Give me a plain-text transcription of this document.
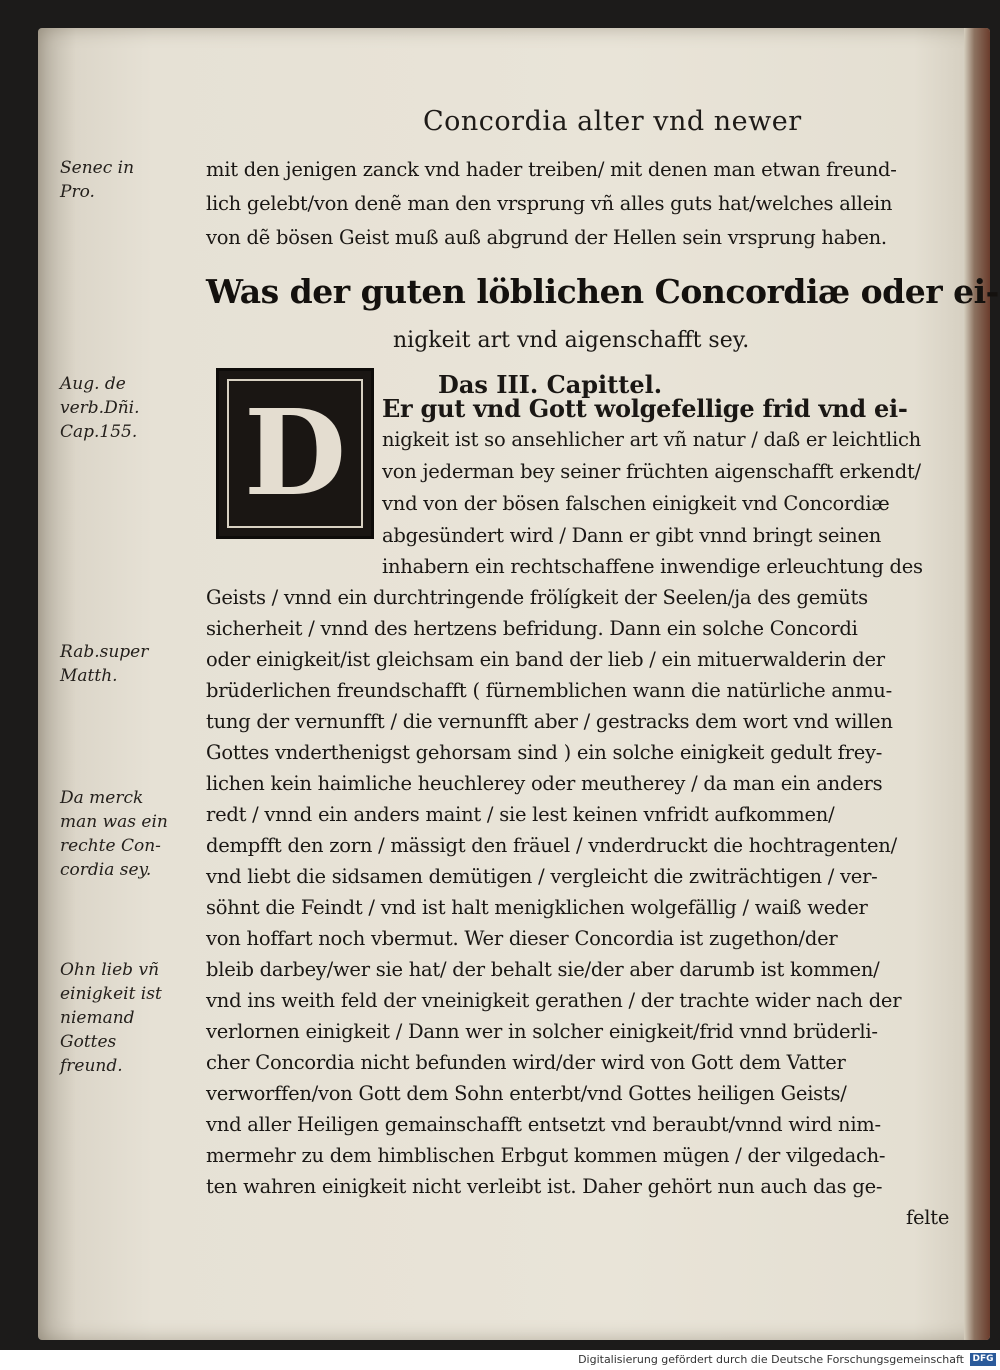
Concordia alter vnd newer
Senec in
Pro.
Aug. de
verb.Dñi.
Cap.155.
Rab.super
Matth.
Da merck
man was ein
rechte Con-
cordia sey.
Ohn lieb vñ
einigkeit ist
niemand
Gottes
freund.
mit den jenigen zanck vnd hader treiben/ mit denen man etwan freund-
lich gelebt/von denẽ man den vrsprung vñ alles guts hat/welches allein
von dẽ bösen Geist muß auß abgrund der Hellen sein vrsprung haben.
Was der guten löblichen Concordiæ oder ei-
nigkeit art vnd aigenschafft sey.
Das III. Capittel.
D	Er gut vnd Gott wolgefellige frid vnd ei-
nigkeit ist so ansehlicher art vñ natur / daß er leichtlich
von jederman bey seiner früchten aigenschafft erkendt/
vnd von der bösen falschen einigkeit vnd Concordiæ
abgesündert wird / Dann er gibt vnnd bringt seinen
inhabern ein rechtschaffene inwendige erleuchtung des
Geists / vnnd ein durchtringende frölígkeit der Seelen/ja des gemüts
sicherheit / vnnd des hertzens befridung. Dann ein solche Concordi
oder einigkeit/ist gleichsam ein band der lieb / ein mituerwalderin der
brüderlichen freundschafft ( fürnemblichen wann die natürliche anmu-
tung der vernunfft / die vernunfft aber / gestracks dem wort vnd willen
Gottes vnderthenigst gehorsam sind ) ein solche einigkeit gedult frey-
lichen kein haimliche heuchlerey oder meutherey / da man ein anders
redt / vnnd ein anders maint / sie lest keinen vnfridt aufkommen/
dempfft den zorn / mässigt den fräuel / vnderdruckt die hochtragenten/
vnd liebt die sidsamen demütigen / vergleicht die zwiträchtigen / ver-
söhnt die Feindt / vnd ist halt menigklichen wolgefällig / waiß weder
von hoffart noch vbermut. Wer dieser Concordia ist zugethon/der
bleib darbey/wer sie hat/ der behalt sie/der aber darumb ist kommen/
vnd ins weith feld der vneinigkeit gerathen / der trachte wider nach der
verlornen einigkeit / Dann wer in solcher einigkeit/frid vnnd brüderli-
cher Concordia nicht befunden wird/der wird von Gott dem Vatter
verworffen/von Gott dem Sohn enterbt/vnd Gottes heiligen Geists/
vnd aller Heiligen gemainschafft entsetzt vnd beraubt/vnnd wird nim-
mermehr zu dem himblischen Erbgut kommen mügen / der vilgedach-
ten wahren einigkeit nicht verleibt ist. Daher gehört nun auch das ge-
felte
Digitalisierung gefördert durch die Deutsche Forschungsgemeinschaft DFG
